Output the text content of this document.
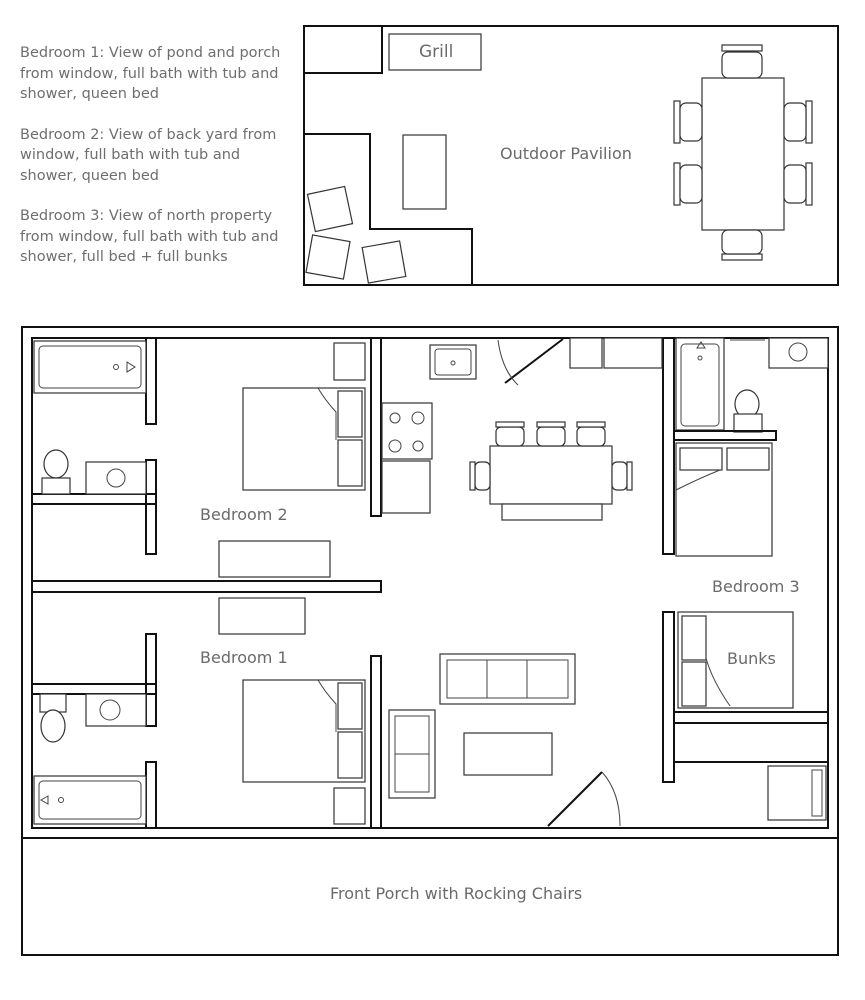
Bedroom 1: View of pond and porch
from window, full bath with tub and
shower, queen bed

Bedroom 2: View of back yard from
window, full bath with tub and
shower, queen bed

Bedroom 3: View of north property
from window, full bath with tub and
shower, full bed + full bunks

Grill
Outdoor Pavilion
Bedroom 2
Bedroom 1
Bedroom 3
Bunks
Front Porch with Rocking Chairs
